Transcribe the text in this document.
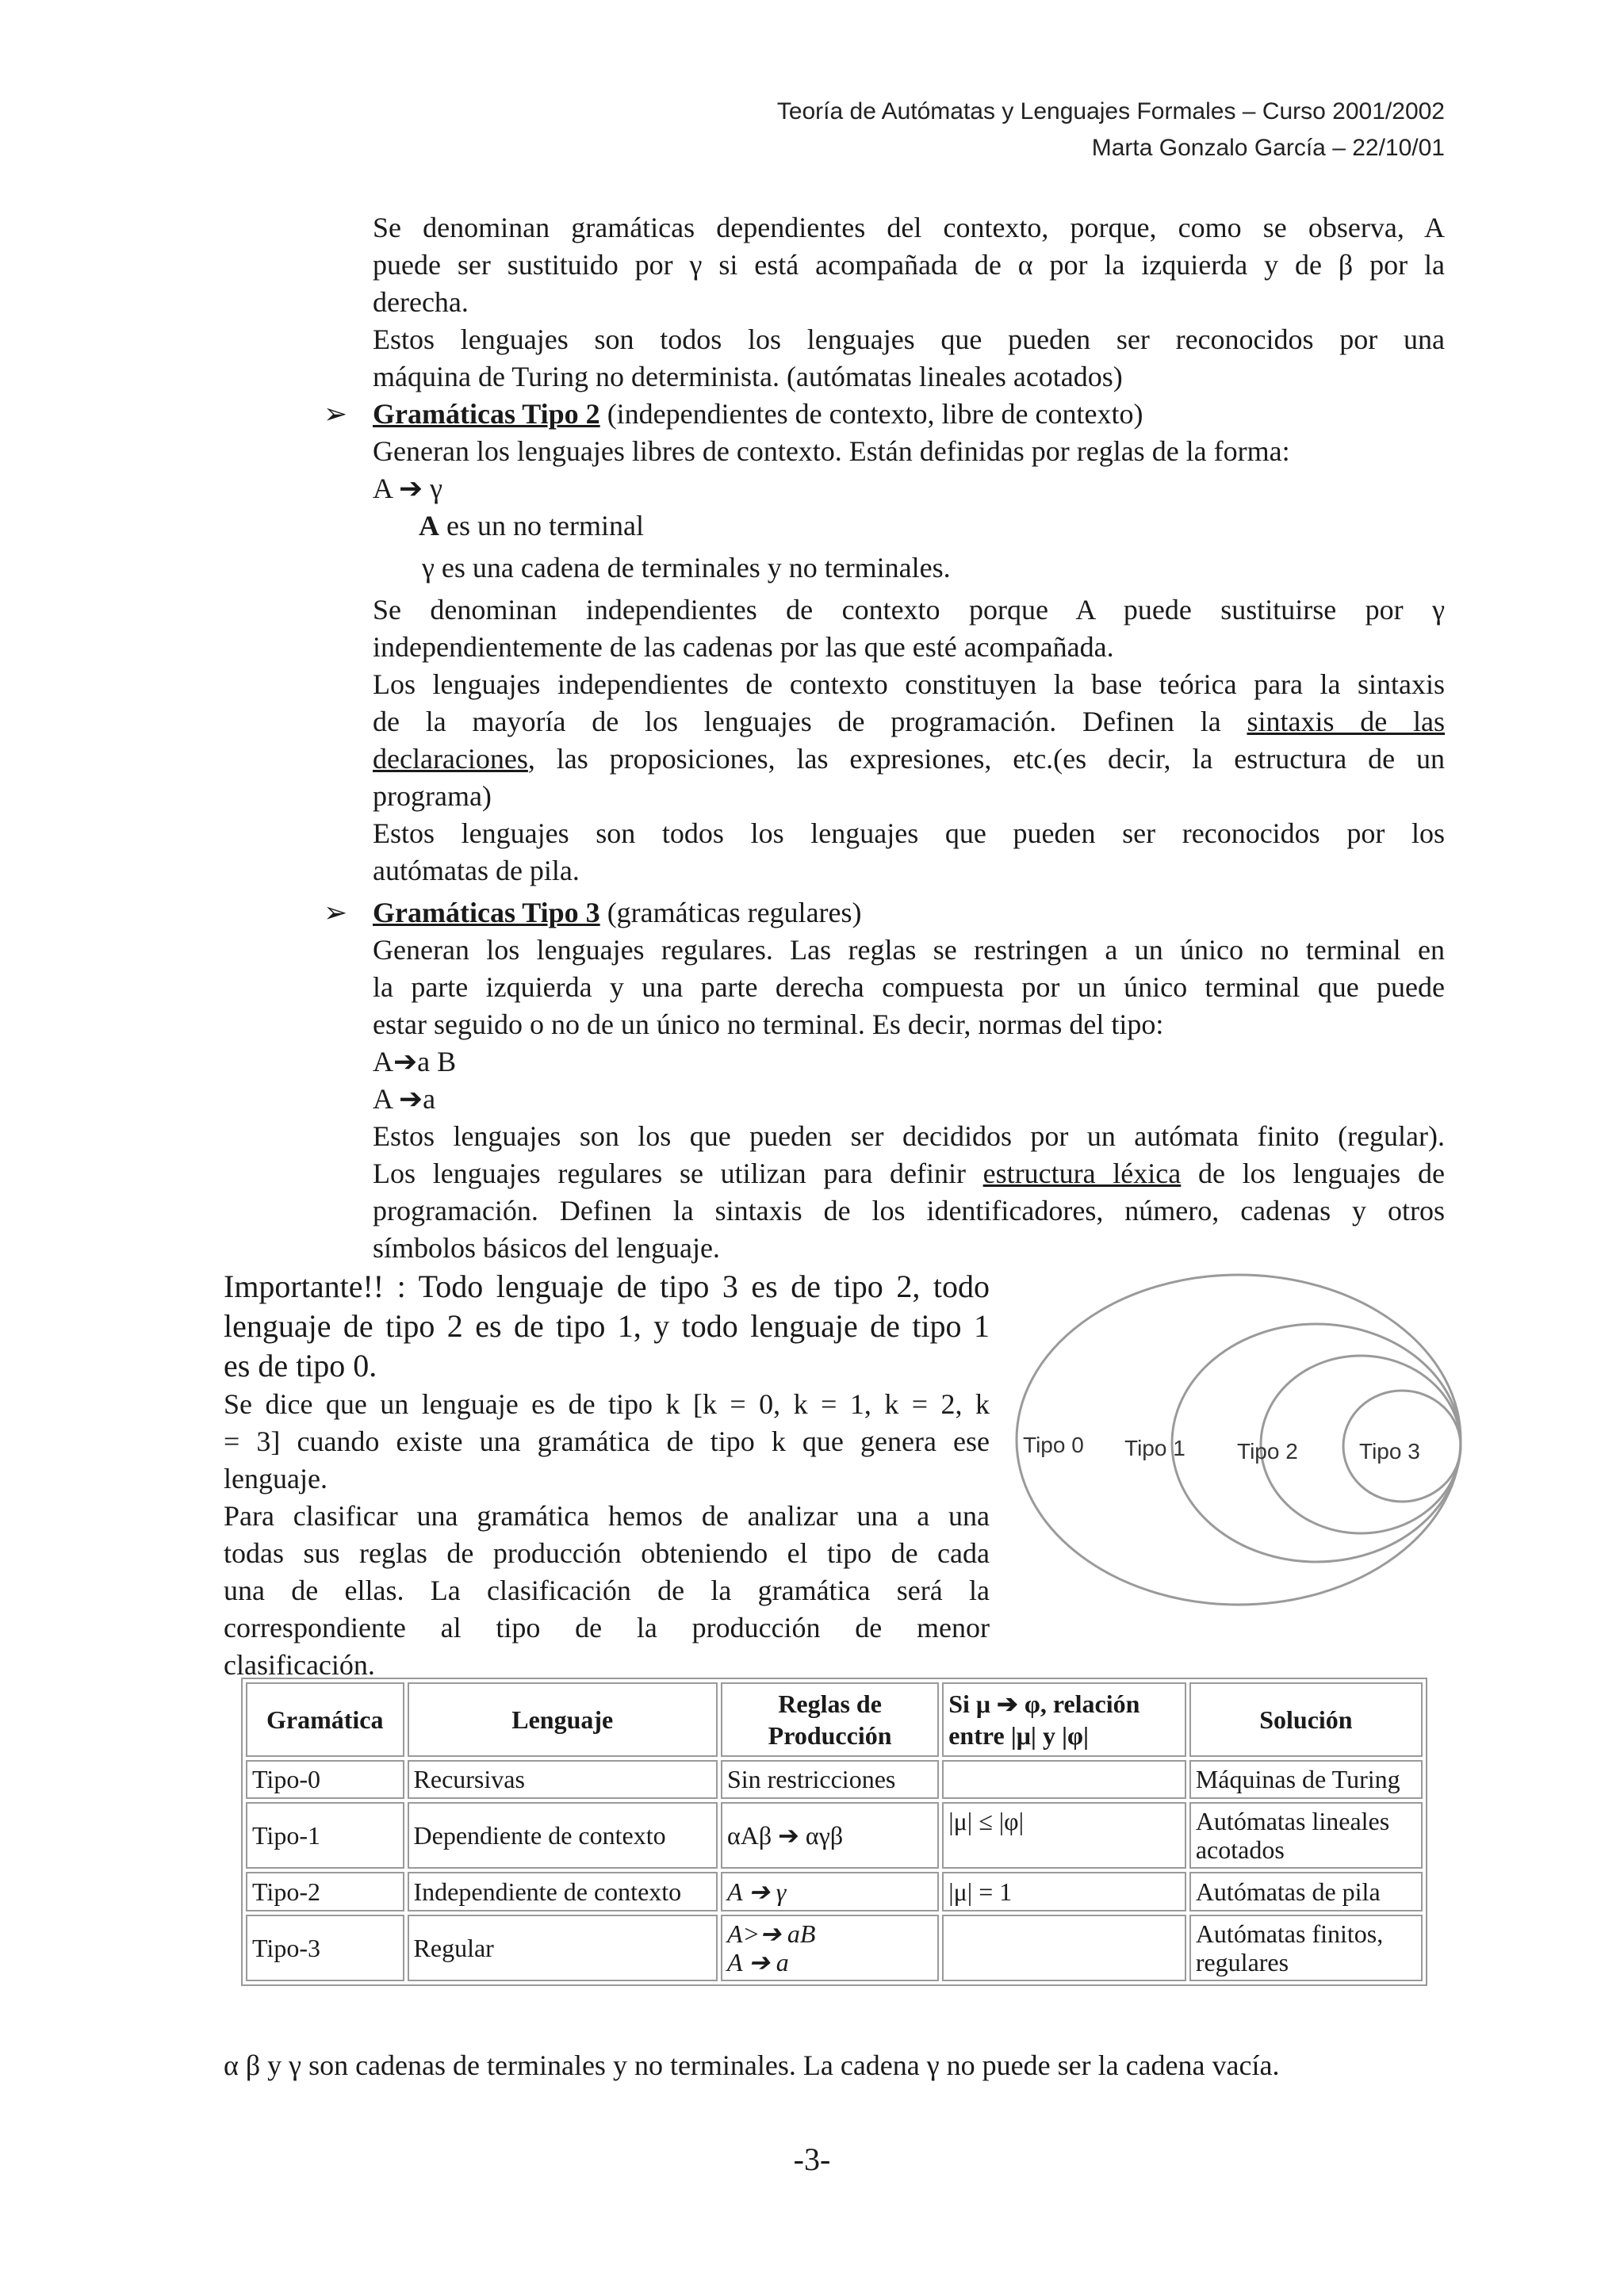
Teoría de Autómatas y Lenguajes Formales – Curso 2001/2002
Marta Gonzalo García – 22/10/01
Se denominan gramáticas dependientes del contexto, porque, como se observa, A
puede ser sustituido por γ si está acompañada de α por la izquierda y de β por la
derecha.
Estos lenguajes son todos los lenguajes que pueden ser reconocidos por una
máquina de Turing no determinista. (autómatas lineales acotados)
➢ Gramáticas Tipo 2 (independientes de contexto, libre de contexto)
Generan los lenguajes libres de contexto. Están definidas por reglas de la forma:
A ➔ γ
A es un no terminal
γ es una cadena de terminales y no terminales.
Se denominan independientes de contexto porque A puede sustituirse por γ
independientemente de las cadenas por las que esté acompañada.
Los lenguajes independientes de contexto constituyen la base teórica para la sintaxis
de la mayoría de los lenguajes de programación. Definen la sintaxis de las
declaraciones, las proposiciones, las expresiones, etc.(es decir, la estructura de un
programa)
Estos lenguajes son todos los lenguajes que pueden ser reconocidos por los
autómatas de pila.
➢ Gramáticas Tipo 3 (gramáticas regulares)
Generan los lenguajes regulares. Las reglas se restringen a un único no terminal en
la parte izquierda y una parte derecha compuesta por un único terminal que puede
estar seguido o no de un único no terminal. Es decir, normas del tipo:
A➔a B
A ➔a
Estos lenguajes son los que pueden ser decididos por un autómata finito (regular).
Los lenguajes regulares se utilizan para definir estructura léxica de los lenguajes de
programación. Definen la sintaxis de los identificadores, número, cadenas y otros
símbolos básicos del lenguaje.
Importante!! : Todo lenguaje de tipo 3 es de tipo 2, todo
lenguaje de tipo 2 es de tipo 1, y todo lenguaje de tipo 1
es de tipo 0.
Se dice que un lenguaje es de tipo k [k = 0, k = 1, k = 2, k
= 3] cuando existe una gramática de tipo k que genera ese
lenguaje.
Para clasificar una gramática hemos de analizar una a una
todas sus reglas de producción obteniendo el tipo de cada
una de ellas. La clasificación de la gramática será la
correspondiente al tipo de la producción de menor
clasificación.
Tipo 0 Tipo 1 Tipo 2	Tipo 3
Gramática	Lenguaje	Reglas de Producción	Si μ ➔ φ, relación entre |μ| y |φ|	Solución
Tipo-0	Recursivas	Sin restricciones		Máquinas de Turing
Tipo-1	Dependiente de contexto	αAβ ➔ αγβ	|μ| ≤ |φ|	Autómatas lineales acotados
Tipo-2	Independiente de contexto	A ➔ γ	|μ| = 1	Autómatas de pila
Tipo-3	Regular	A>➔ aB
A ➔ a		Autómatas finitos, regulares
α β y γ son cadenas de terminales y no terminales. La cadena γ no puede ser la cadena vacía.
-3-
